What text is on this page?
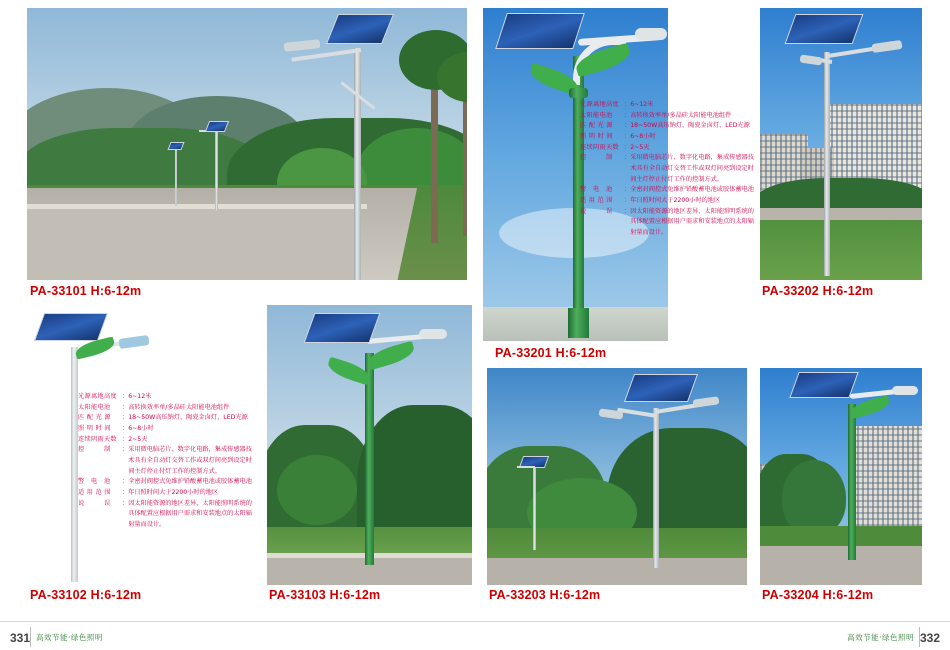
PA-33101 H:6-12m
PA-33201 H:6-12m
光源离地高度 ： 6~12米
太阳能电池	： 高转换效率单/多晶硅太阳能电池组件
匹 配 光 源	： 18~50W高压钠灯、陶瓷金卤灯、LED光源
照 明 时 间	： 6~8小时
连续阴雨天数 ： 2~5天
控　　　制	： 采用微电脑芯片、数字化电路，集成传感器技术具有全自动灯交替工作或双灯间亮到设定时间主灯停止付灯工作的控制方式。
警　电　池	： 全密封阀控式免维护铅酸蓄电池或胶体蓄电池
适 用 范 围	： 年日照时间大于2200小时的地区
说　　　误	： 因太阳能资源的地区差异，太阳能照明系统的具体配置应根据用户需求和安装地点的太阳辐射量而设计。
PA-33202 H:6-12m
PA-33102 H:6-12m
光源离地高度 ： 6~12米
太阳能电池	： 高转换效率单/多晶硅太阳能电池组件
匹 配 光 源	： 18~50W高压钠灯、陶瓷金卤灯、LED光源
照 明 时 间	： 6~8小时
连续阴雨天数 ： 2~5天
控　　　制	： 采用微电脑芯片、数字化电路，集成传感器技术具有全自动灯交替工作或双灯间亮到设定时间主灯停止付灯工作的控制方式。
警　电　池	： 全密封阀控式免维护铅酸蓄电池或胶体蓄电池
适 用 范 围	： 年日照时间大于2200小时的地区
说　　　误	： 因太阳能资源的地区差异，太阳能照明系统的具体配置应根据用户需求和安装地点的太阳辐射量而设计。
PA-33103 H:6-12m	PA-33203 H:6-12m	PA-33204 H:6-12m
331 高效节能·绿色照明	332
高效节能·绿色照明
